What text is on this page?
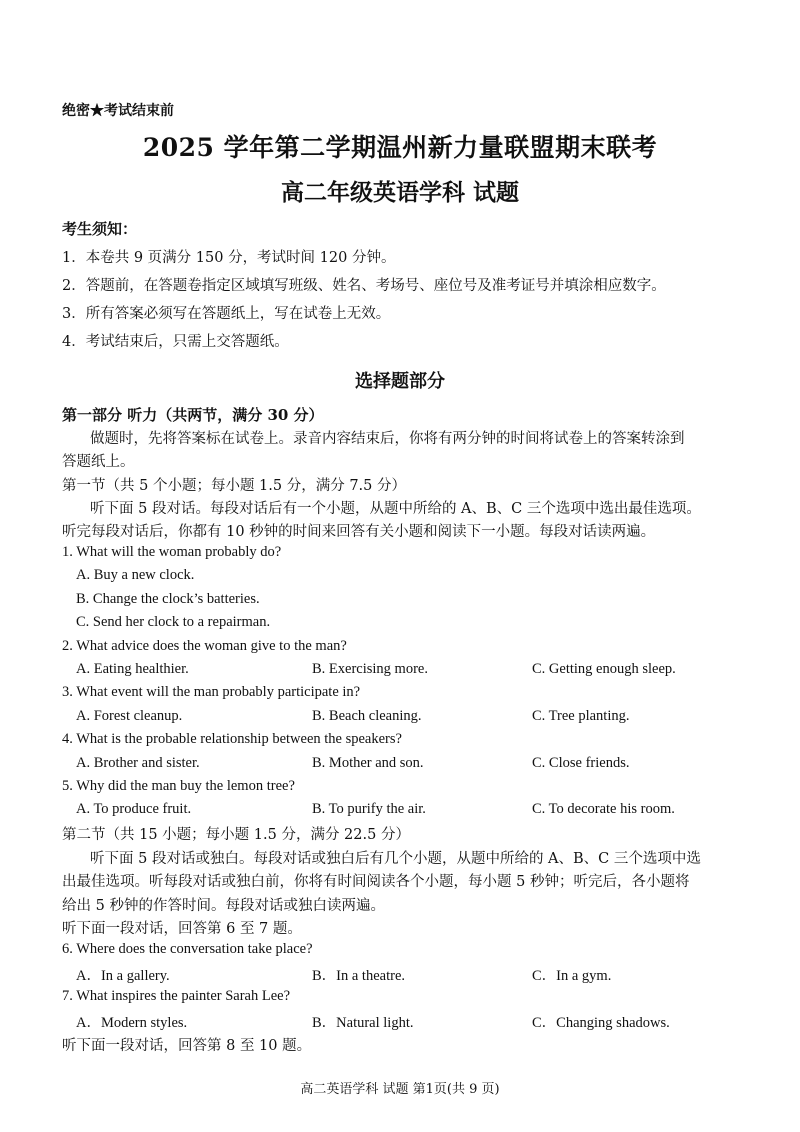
绝密★考试结束前
2025 学年第二学期温州新力量联盟期末联考
高二年级英语学科 试题
考生须知：
1．本卷共 9 页满分 150 分，考试时间 120 分钟。
2．答题前，在答题卷指定区域填写班级、姓名、考场号、座位号及准考证号并填涂相应数字。
3．所有答案必须写在答题纸上，写在试卷上无效。
4．考试结束后，只需上交答题纸。
选择题部分
第一部分 听力（共两节，满分 30 分）
做题时，先将答案标在试卷上。录音内容结束后，你将有两分钟的时间将试卷上的答案转涂到
答题纸上。
第一节（共 5 个小题；每小题 1.5 分，满分 7.5 分）
听下面 5 段对话。每段对话后有一个小题，从题中所给的 A、B、C 三个选项中选出最佳选项。
听完每段对话后，你都有 10 秒钟的时间来回答有关小题和阅读下一小题。每段对话读两遍。
1. What will the woman probably do?
A. Buy a new clock.
B. Change the clock’s batteries.
C. Send her clock to a repairman.
2. What advice does the woman give to the man?
A. Eating healthier.	B. Exercising more.	C. Getting enough sleep.
3. What event will the man probably participate in?
A. Forest cleanup.	B. Beach cleaning.	C. Tree planting.
4. What is the probable relationship between the speakers?
A. Brother and sister.	B. Mother and son.	C. Close friends.
5. Why did the man buy the lemon tree?
A. To produce fruit.	B. To purify the air.	C. To decorate his room.
第二节（共 15 小题；每小题 1.5 分，满分 22.5 分）
听下面 5 段对话或独白。每段对话或独白后有几个小题，从题中所给的 A、B、C 三个选项中选
出最佳选项。听每段对话或独白前，你将有时间阅读各个小题，每小题 5 秒钟；听完后，各小题将
给出 5 秒钟的作答时间。每段对话或独白读两遍。
听下面一段对话，回答第 6 至 7 题。
6. Where does the conversation take place?
A．In a gallery.	B．In a theatre.	C．In a gym.
7. What inspires the painter Sarah Lee?
A．Modern styles.	B．Natural light.	C．Changing shadows.
听下面一段对话，回答第 8 至 10 题。
高二英语学科 试题 第1页(共 9 页)
